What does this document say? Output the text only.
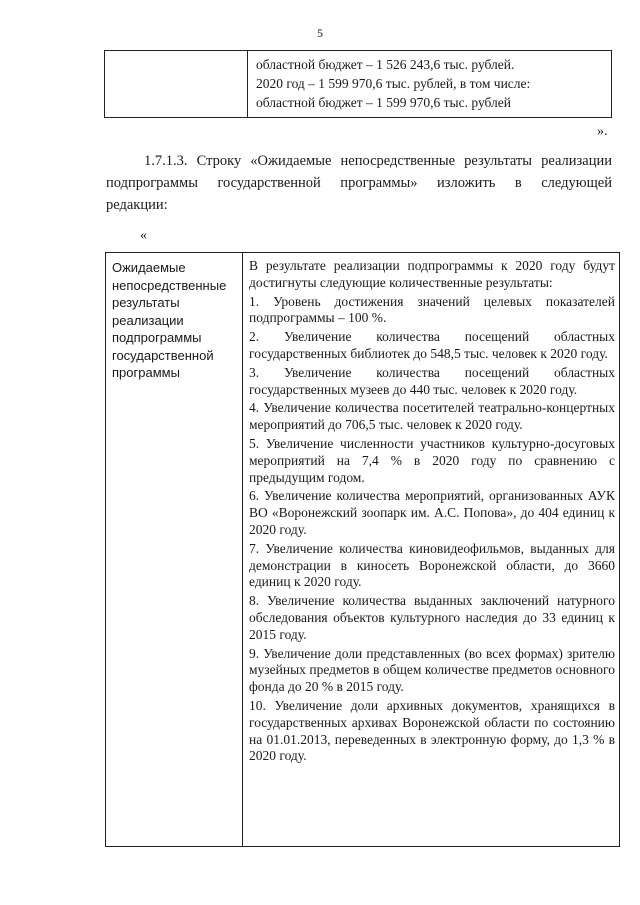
5
областной бюджет – 1 526 243,6 тыс. рублей.
2020 год – 1 599 970,6 тыс. рублей, в том числе:
областной бюджет – 1 599 970,6 тыс. рублей
».
1.7.1.3. Строку «Ожидаемые непосредственные результаты реализации
подпрограммы государственной программы» изложить в следующей
редакции:
«
Ожидаемые непосредственные результаты реализации подпрограммы государственной программы

В результате реализации подпрограммы к 2020 году будут достигнуты следующие количественные результаты:

1. Уровень достижения значений целевых показателей подпрограммы – 100 %.

2. Увеличение количества посещений областных государственных библиотек до 548,5 тыс. человек к 2020 году.

3. Увеличение количества посещений областных государственных музеев до 440 тыс. человек к 2020 году.

4. Увеличение количества посетителей театрально-концертных мероприятий до 706,5 тыс. человек к 2020 году.

5. Увеличение численности участников культурно-досуговых мероприятий на 7,4 % в 2020 году по сравнению с предыдущим годом.

6. Увеличение количества мероприятий, организованных АУК ВО «Воронежский зоопарк им. А.С. Попова», до 404 единиц к 2020 году.

7. Увеличение количества киновидеофильмов, выданных для демонстрации в киносеть Воронежской области, до 3660 единиц к 2020 году.

8. Увеличение количества выданных заключений натурного обследования объектов культурного наследия до 33 единиц к 2015 году.

9. Увеличение доли представленных (во всех формах) зрителю музейных предметов в общем количестве предметов основного фонда до 20 % в 2015 году.

10. Увеличение доли архивных документов, хранящихся в государственных архивах Воронежской области по состоянию на 01.01.2013, переведенных в электронную форму, до 1,3 % в 2020 году.
